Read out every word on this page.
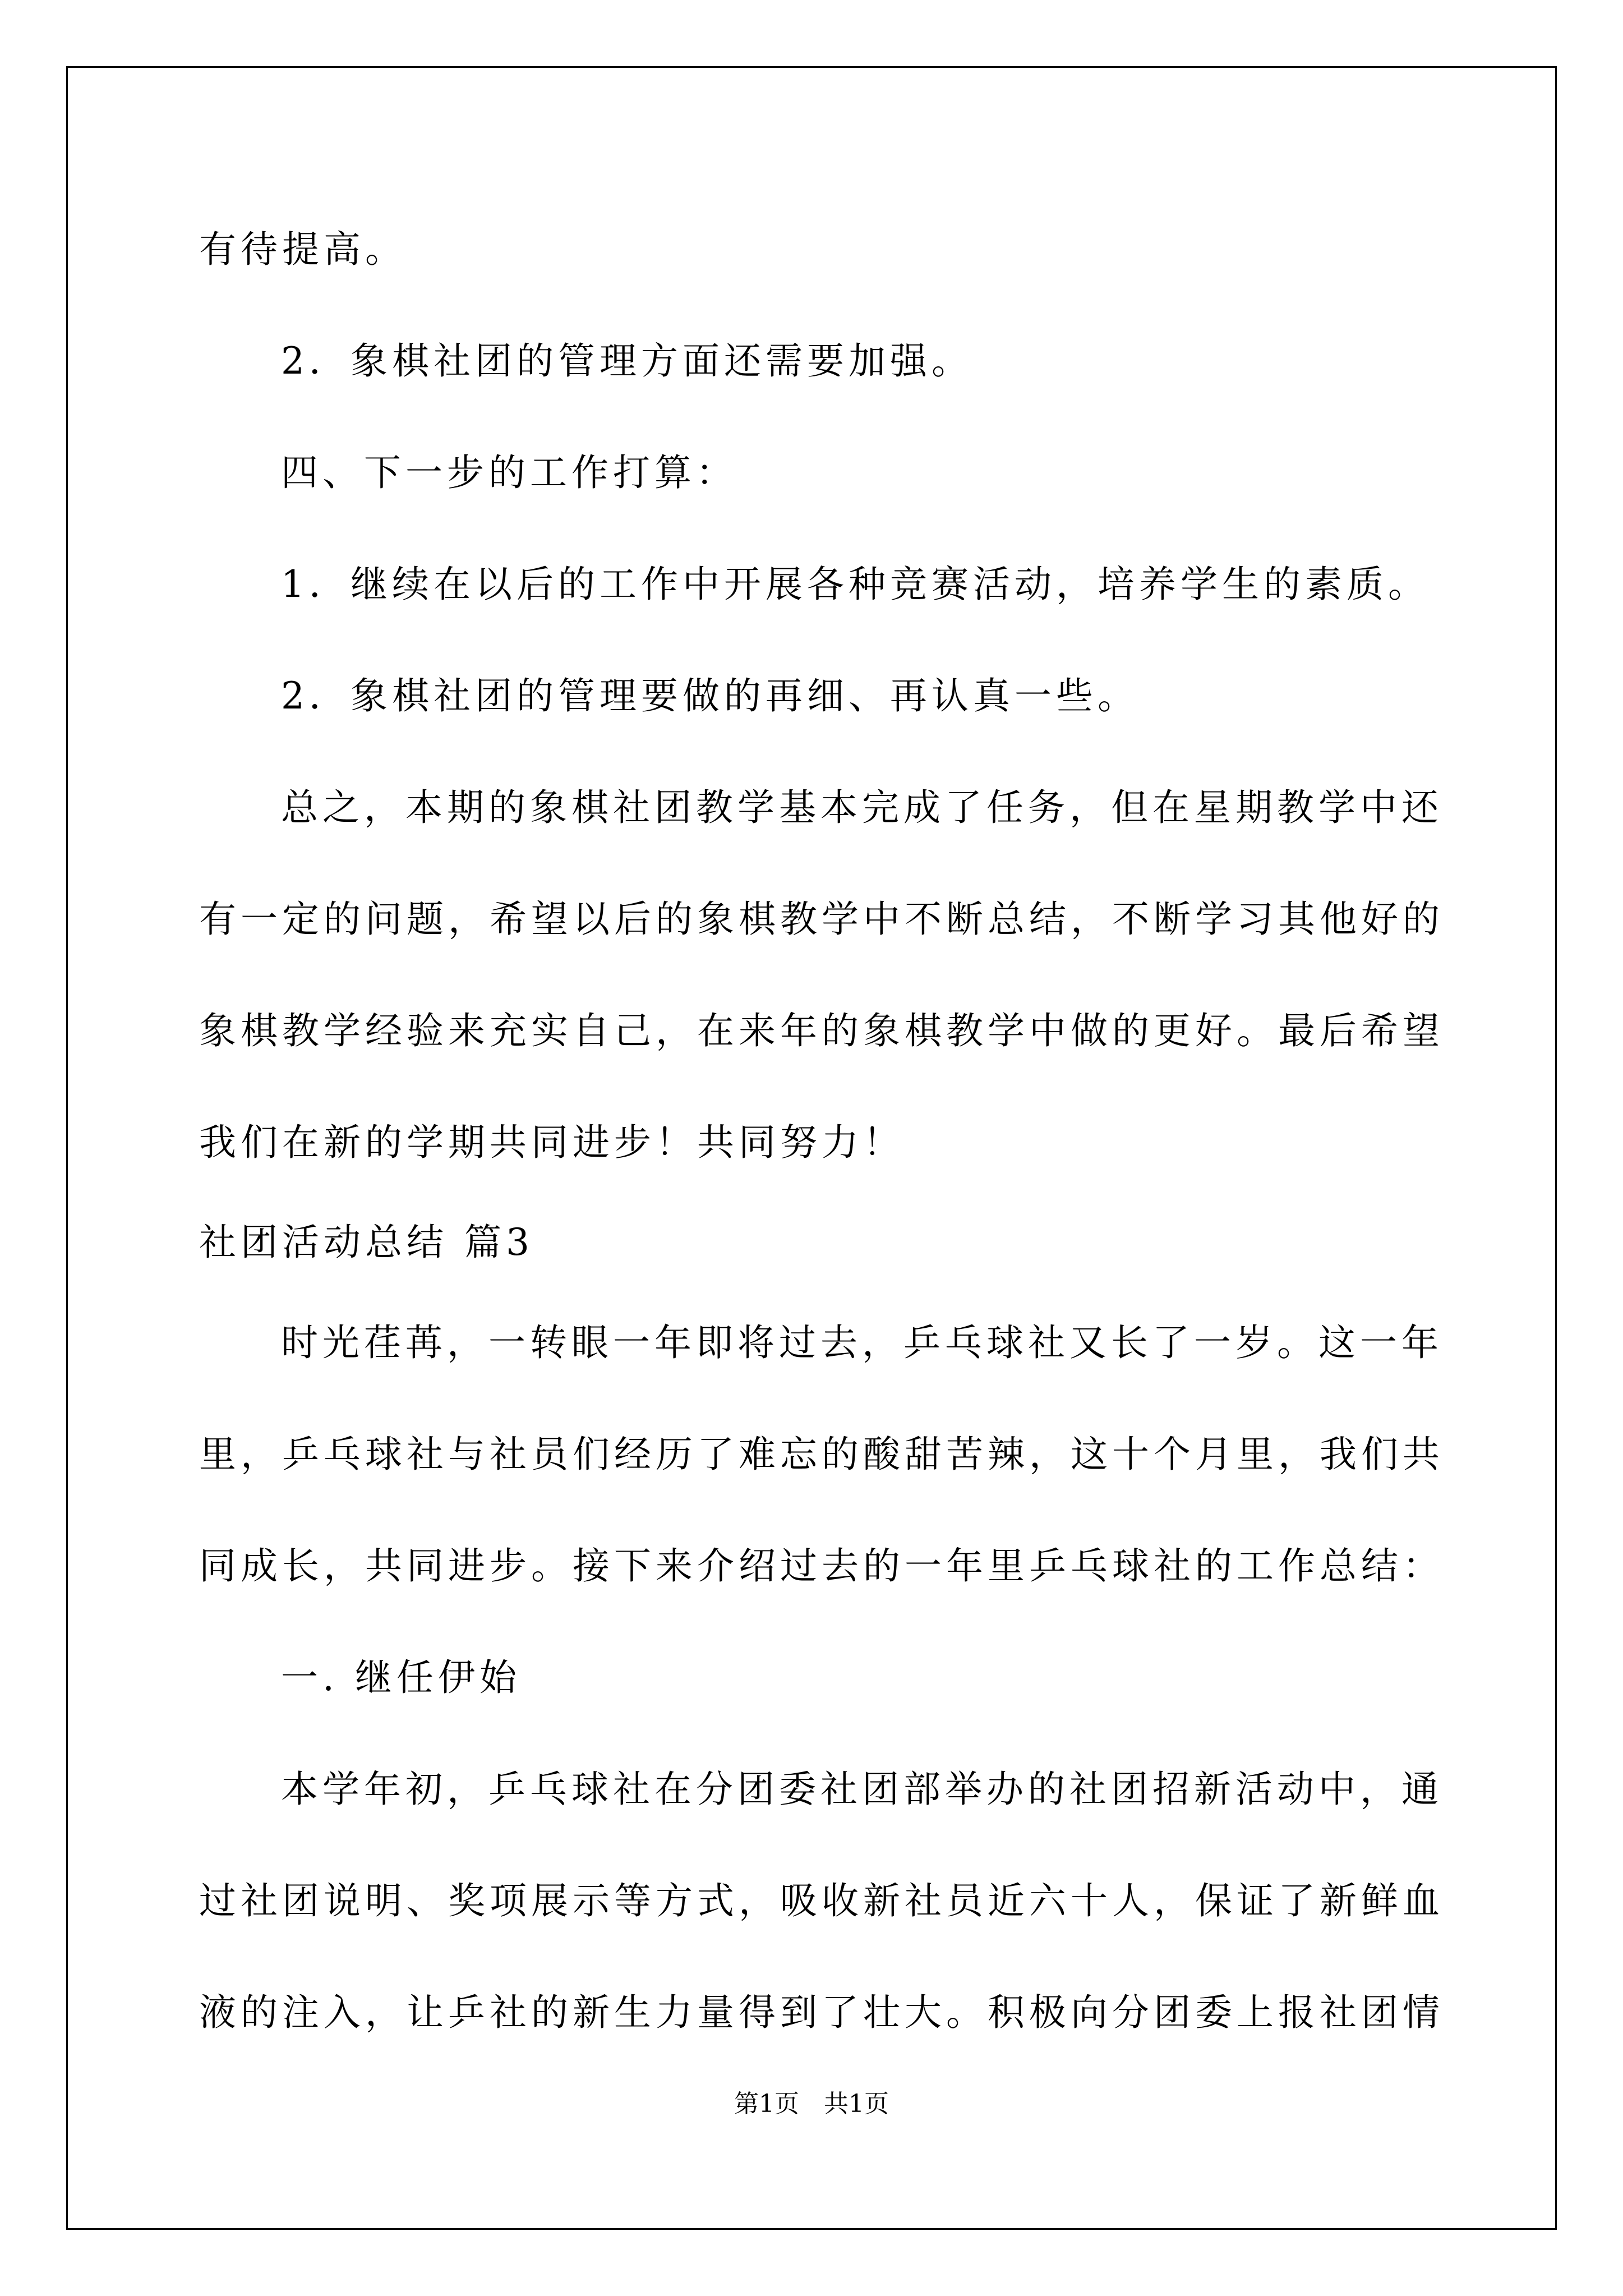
有待提高。
2．象棋社团的管理方面还需要加强。
四、下一步的工作打算：
1．继续在以后的工作中开展各种竞赛活动，培养学生的素质。
2．象棋社团的管理要做的再细、再认真一些。
总之，本期的象棋社团教学基本完成了任务，但在星期教学中还
有一定的问题，希望以后的象棋教学中不断总结，不断学习其他好的
象棋教学经验来充实自己，在来年的象棋教学中做的更好。最后希望
我们在新的学期共同进步！共同努力！
社团活动总结 篇3
时光荏苒，一转眼一年即将过去，乒乓球社又长了一岁。这一年
里，乒乓球社与社员们经历了难忘的酸甜苦辣，这十个月里，我们共
同成长，共同进步。接下来介绍过去的一年里乒乓球社的工作总结：
一. 继任伊始
本学年初，乒乓球社在分团委社团部举办的社团招新活动中，通
过社团说明、奖项展示等方式，吸收新社员近六十人，保证了新鲜血
液的注入，让乒社的新生力量得到了壮大。积极向分团委上报社团情
第1页　共1页
